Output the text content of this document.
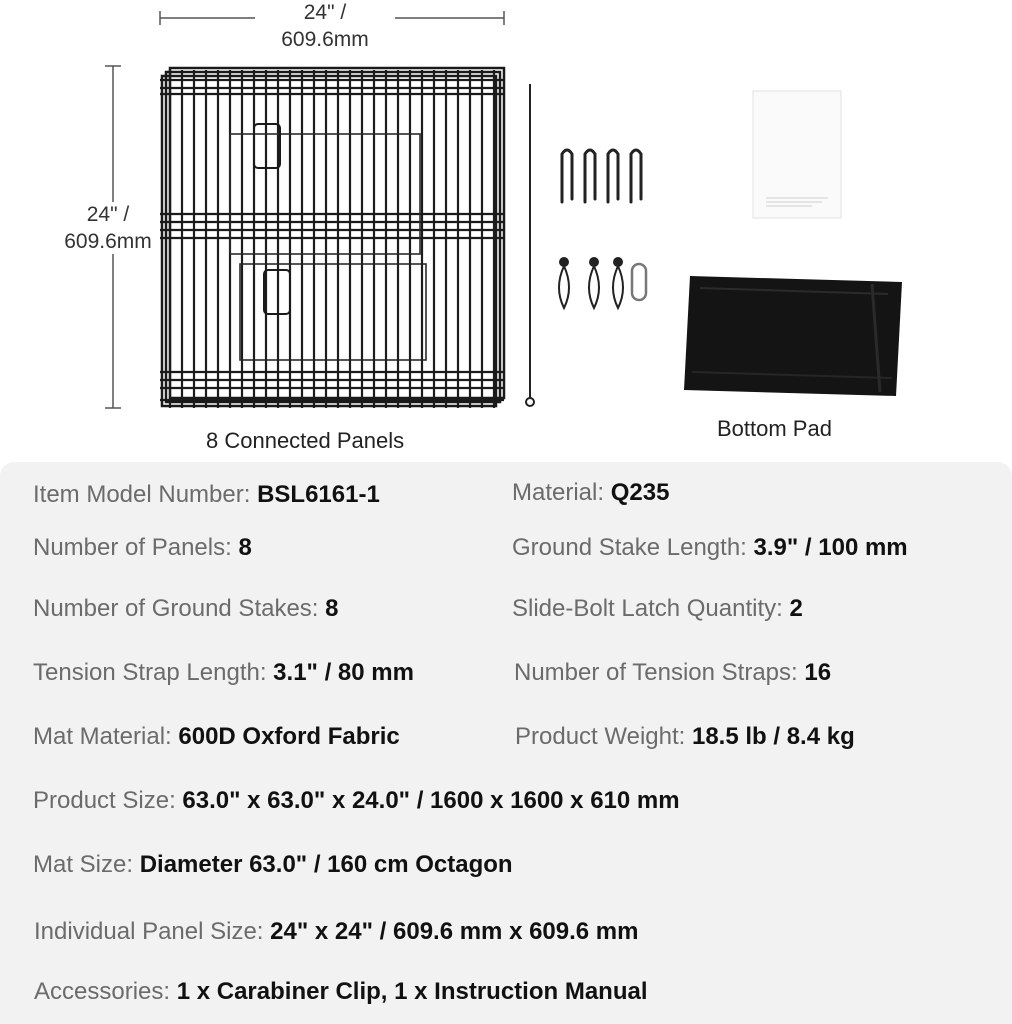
24" /
609.6mm
24" /
609.6mm
8 Connected Panels	Bottom Pad
Item Model Number: BSL6161-1	Material: Q235
Number of Panels: 8	Ground Stake Length: 3.9" / 100 mm
Number of Ground Stakes: 8	Slide-Bolt Latch Quantity: 2
Tension Strap Length: 3.1" / 80 mm	Number of Tension Straps: 16
Mat Material: 600D Oxford Fabric	Product Weight: 18.5 lb / 8.4 kg
Product Size: 63.0" x 63.0" x 24.0" / 1600 x 1600 x 610 mm
Mat Size: Diameter 63.0" / 160 cm Octagon
Individual Panel Size: 24" x 24" / 609.6 mm x 609.6 mm
Accessories: 1 x Carabiner Clip, 1 x Instruction Manual
